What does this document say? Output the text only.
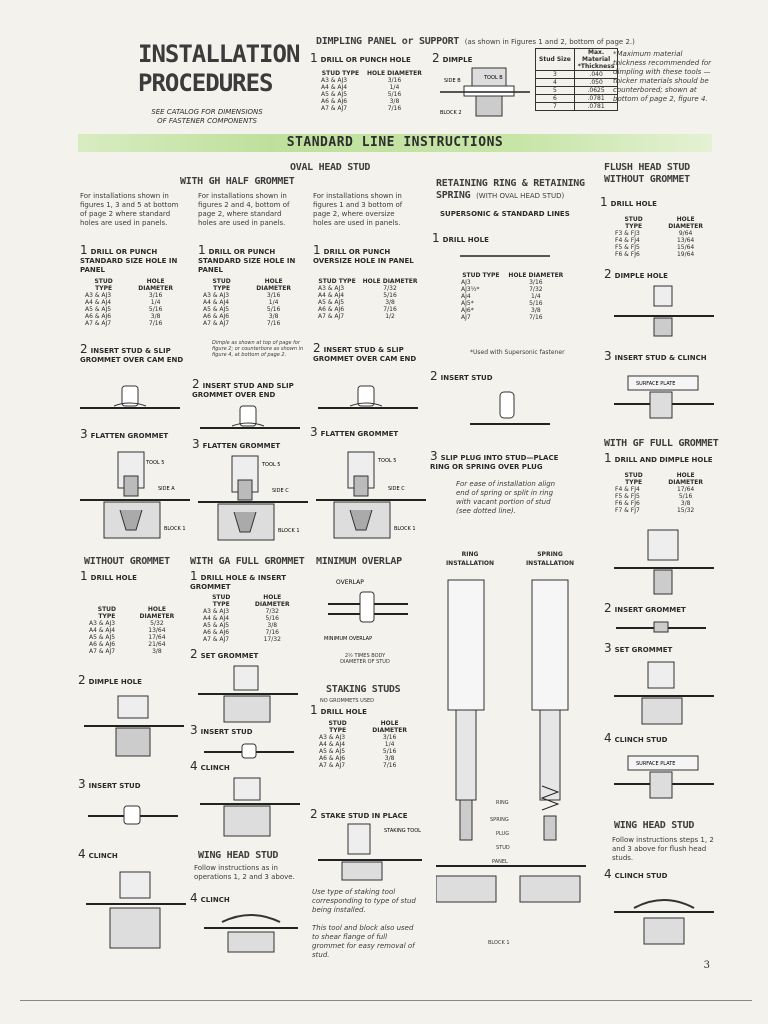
INSTALLATION
PROCEDURES
SEE CATALOG FOR DIMENSIONS
OF FASTENER COMPONENTS
DIMPLING PANEL or SUPPORT (as shown in Figures 1 and 2, bottom of page 2.)
1 DRILL OR PUNCH HOLE
STUD TYPE	HOLE DIAMETER
A3 & AJ3	3/16
A4 & AJ4	1/4
A5 & AJ5	5/16
A6 & AJ6	3/8
A7 & AJ7	7/16
2 DIMPLE
SIDE B	TOOL B
BLOCK 2
Stud Size	Max. Material *Thickness
3	.040
4	.050
5	.0625
6	.0781
7	.0781
*Maximum material thickness recommended for dimpling with these tools — thicker materials should be counterbored; shown at bottom of page 2, figure 4.
STANDARD LINE INSTRUCTIONS
OVAL HEAD STUD
WITH GH HALF GROMMET
For installations shown in figures 1, 3 and 5 at bottom of page 2 where standard holes are used in panels.
1 DRILL OR PUNCH STANDARD SIZE HOLE IN PANEL
STUD TYPE	HOLE DIAMETER
A3 & AJ3	3/16
A4 & AJ4	1/4
A5 & AJ5	5/16
A6 & AJ6	3/8
A7 & AJ7	7/16
2 INSERT STUD & SLIP GROMMET OVER CAM END
3 FLATTEN GROMMET
TOOL 5
SIDE A
BLOCK 1
For installations shown in figures 2 and 4, bottom of page 2, where standard holes are used in panels.
1 DRILL OR PUNCH STANDARD SIZE HOLE IN PANEL
STUD TYPE	HOLE DIAMETER
A3 & AJ3	3/16
A4 & AJ4	1/4
A5 & AJ5	5/16
A6 & AJ6	3/8
A7 & AJ7	7/16
Dimple as shown at top of page for figure 2; or counterbore as shown in figure 4, at bottom of page 2.
2 INSERT STUD AND SLIP GROMMET OVER END
3 FLATTEN GROMMET
TOOL 5
SIDE C
BLOCK 1
For installations shown in figures 1 and 3 bottom of page 2, where oversize holes are used in panels.
1 DRILL OR PUNCH OVERSIZE HOLE IN PANEL
STUD TYPE	HOLE DIAMETER
A3 & AJ3	7/32
A4 & AJ4	5/16
A5 & AJ5	3/8
A6 & AJ6	7/16
A7 & AJ7	1/2
2 INSERT STUD & SLIP GROMMET OVER CAM END
3 FLATTEN GROMMET
TOOL 5
SIDE C
BLOCK 1
RETAINING RING & RETAINING
SPRING (WITH OVAL HEAD STUD)
SUPERSONIC & STANDARD LINES
1 DRILL HOLE
STUD TYPE	HOLE DIAMETER
AJ3	3/16
AJ3½*	7/32
AJ4	1/4
AJ5*	5/16
AJ6*	3/8
AJ7	7/16
*Used with Supersonic fastener
2 INSERT STUD
3 SLIP PLUG INTO STUD—PLACE RING OR SPRING OVER PLUG
For ease of installation align end of spring or split in ring with vacant portion of stud (see dotted line).
RING
INSTALLATION
SPRING
INSTALLATION
RING
SPRING
PLUG
STUD
PANEL
BLOCK 1
FLUSH HEAD STUD
WITHOUT GROMMET
1 DRILL HOLE
STUD TYPE	HOLE DIAMETER
F3 & FJ3	9/64
F4 & FJ4	13/64
F5 & FJ5	15/64
F6 & FJ6	19/64
2 DIMPLE HOLE
3 INSERT STUD & CLINCH
SURFACE PLATE
WITH GF FULL GROMMET
1 DRILL AND DIMPLE HOLE
STUD TYPE	HOLE DIAMETER
F4 & FJ4	17/64
F5 & FJ5	5/16
F6 & FJ6	3/8
F7 & FJ7	15/32
2 INSERT GROMMET
3 SET GROMMET
4 CLINCH STUD
SURFACE PLATE
WING HEAD STUD
Follow instructions steps 1, 2 and 3 above for flush head studs.
4 CLINCH STUD
WITHOUT GROMMET
1 DRILL HOLE
STUD TYPE	HOLE DIAMETER
A3 & AJ3	5/32
A4 & AJ4	13/64
A5 & AJ5	17/64
A6 & AJ6	21/64
A7 & AJ7	3/8
2 DIMPLE HOLE
3 INSERT STUD
4 CLINCH
WITH GA FULL GROMMET
1 DRILL HOLE & INSERT GROMMET
STUD TYPE	HOLE DIAMETER
A3 & AJ3	7/32
A4 & AJ4	5/16
A5 & AJ5	3/8
A6 & AJ6	7/16
A7 & AJ7	17/32
2 SET GROMMET
3 INSERT STUD
4 CLINCH
WING HEAD STUD
Follow instructions as in operations 1, 2 and 3 above.
4 CLINCH
MINIMUM OVERLAP
OVERLAP
MINIMUM OVERLAP
2½ TIMES BODY
DIAMETER OF STUD
STAKING STUDS
NO GROMMETS USED
1 DRILL HOLE
STUD TYPE	HOLE DIAMETER
A3 & AJ3	3/16
A4 & AJ4	1/4
A5 & AJ5	5/16
A6 & AJ6	3/8
A7 & AJ7	7/16
2 STAKE STUD IN PLACE
STAKING TOOL
Use type of staking tool corresponding to type of stud being installed.
This tool and block also used to shear flange of full grommet for easy removal of stud.
3
